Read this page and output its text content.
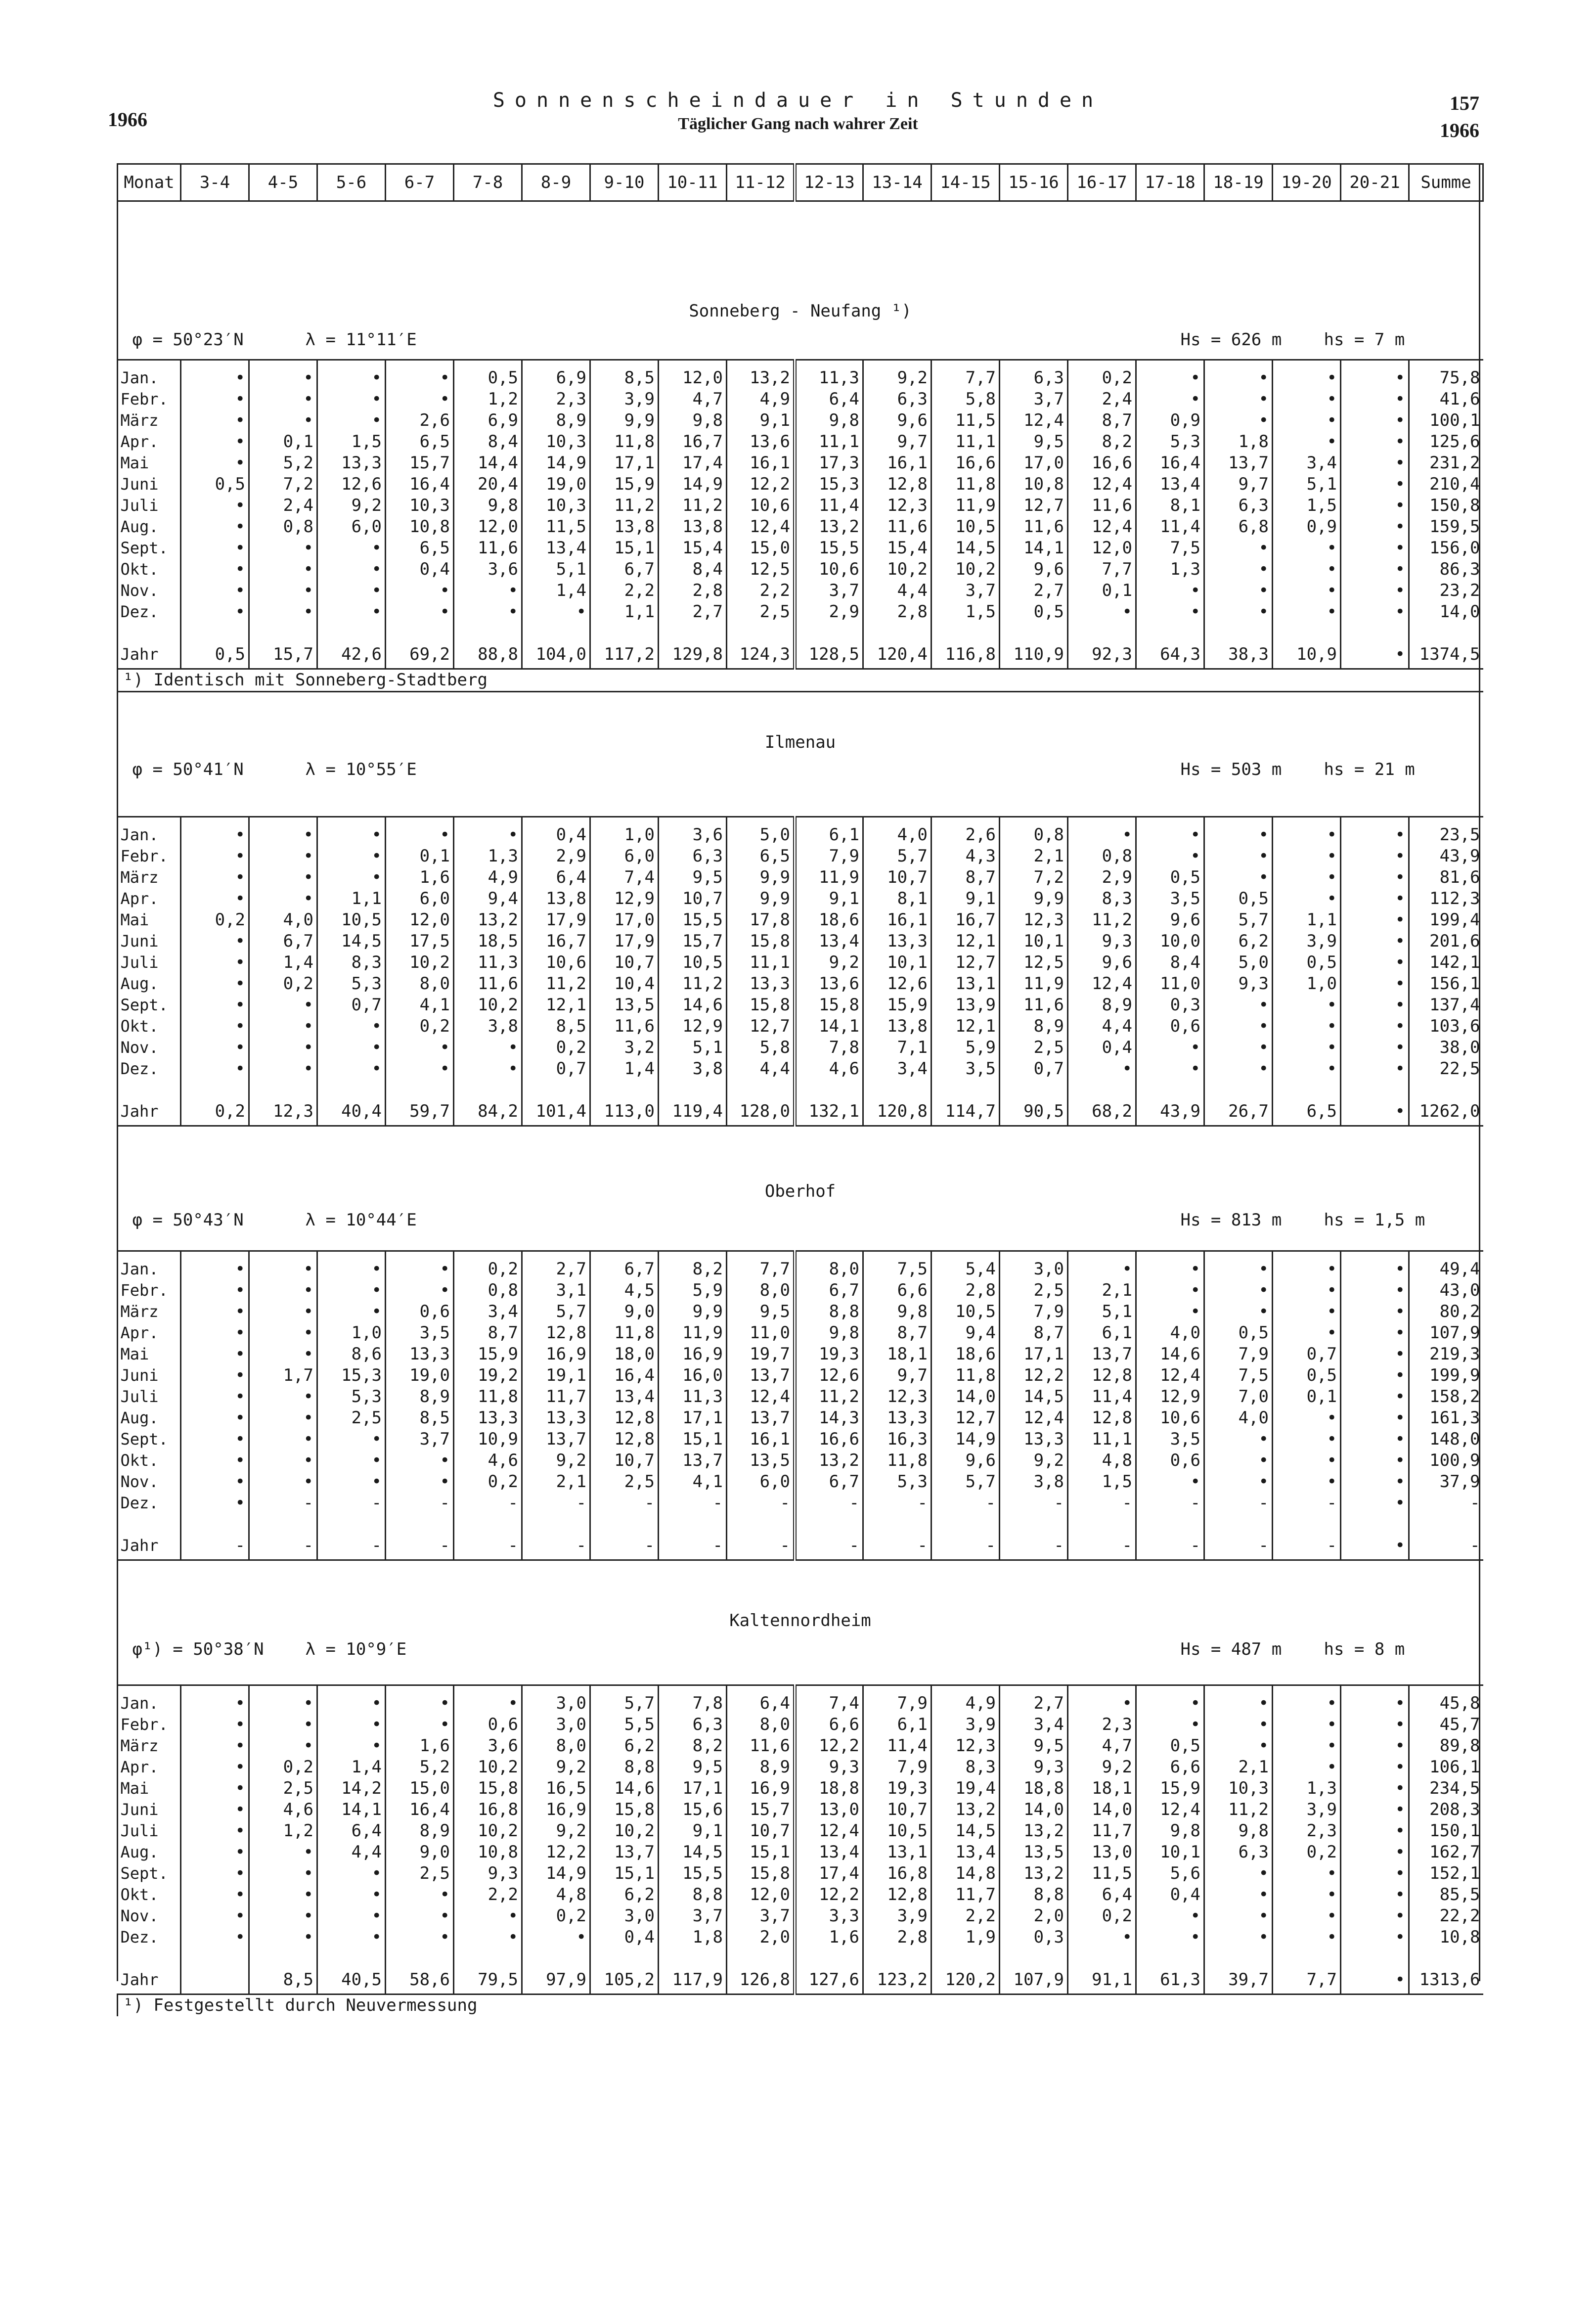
1966
Sonnenscheindauer in Stunden
Täglicher Gang nach wahrer Zeit
157
1966
Monat	3-4	4-5	5-6	6-7	7-8	8-9	9-10	10-11	11-12	12-13	13-14	14-15	15-16	16-17	17-18	18-19	19-20	20-21	Summe

Sonneberg - Neufang ¹)
φ = 50°23′N λ = 11°11′E Hs = 626 m hs = 7 m																			

Jan.	•	•	•	•	0,5	6,9	8,5	12,0	13,2	11,3	9,2	7,7	6,3	0,2	•	•	•	•	75,8
Febr.	•	•	•	•	1,2	2,3	3,9	4,7	4,9	6,4	6,3	5,8	3,7	2,4	•	•	•	•	41,6
März	•	•	•	2,6	6,9	8,9	9,9	9,8	9,1	9,8	9,6	11,5	12,4	8,7	0,9	•	•	•	100,1
Apr.	•	0,1	1,5	6,5	8,4	10,3	11,8	16,7	13,6	11,1	9,7	11,1	9,5	8,2	5,3	1,8	•	•	125,6
Mai	•	5,2	13,3	15,7	14,4	14,9	17,1	17,4	16,1	17,3	16,1	16,6	17,0	16,6	16,4	13,7	3,4	•	231,2
Juni	0,5	7,2	12,6	16,4	20,4	19,0	15,9	14,9	12,2	15,3	12,8	11,8	10,8	12,4	13,4	9,7	5,1	•	210,4
Juli	•	2,4	9,2	10,3	9,8	10,3	11,2	11,2	10,6	11,4	12,3	11,9	12,7	11,6	8,1	6,3	1,5	•	150,8
Aug.	•	0,8	6,0	10,8	12,0	11,5	13,8	13,8	12,4	13,2	11,6	10,5	11,6	12,4	11,4	6,8	0,9	•	159,5
Sept.	•	•	•	6,5	11,6	13,4	15,1	15,4	15,0	15,5	15,4	14,5	14,1	12,0	7,5	•	•	•	156,0
Okt.	•	•	•	0,4	3,6	5,1	6,7	8,4	12,5	10,6	10,2	10,2	9,6	7,7	1,3	•	•	•	86,3
Nov.	•	•	•	•	•	1,4	2,2	2,8	2,2	3,7	4,4	3,7	2,7	0,1	•	•	•	•	23,2
Dez.	•	•	•	•	•	•	1,1	2,7	2,5	2,9	2,8	1,5	0,5	•	•	•	•	•	14,0

Jahr	0,5	15,7	42,6	69,2	88,8	104,0	117,2	129,8	124,3	128,5	120,4	116,8	110,9	92,3	64,3	38,3	10,9	•	1374,5
¹) Identisch mit Sonneberg-Stadtberg																			

Ilmenau
φ = 50°41′N λ = 10°55′E Hs = 503 m hs = 21 m																			

Jan.	•	•	•	•	•	0,4	1,0	3,6	5,0	6,1	4,0	2,6	0,8	•	•	•	•	•	23,5
Febr.	•	•	•	0,1	1,3	2,9	6,0	6,3	6,5	7,9	5,7	4,3	2,1	0,8	•	•	•	•	43,9
März	•	•	•	1,6	4,9	6,4	7,4	9,5	9,9	11,9	10,7	8,7	7,2	2,9	0,5	•	•	•	81,6
Apr.	•	•	1,1	6,0	9,4	13,8	12,9	10,7	9,9	9,1	8,1	9,1	9,9	8,3	3,5	0,5	•	•	112,3
Mai	0,2	4,0	10,5	12,0	13,2	17,9	17,0	15,5	17,8	18,6	16,1	16,7	12,3	11,2	9,6	5,7	1,1	•	199,4
Juni	•	6,7	14,5	17,5	18,5	16,7	17,9	15,7	15,8	13,4	13,3	12,1	10,1	9,3	10,0	6,2	3,9	•	201,6
Juli	•	1,4	8,3	10,2	11,3	10,6	10,7	10,5	11,1	9,2	10,1	12,7	12,5	9,6	8,4	5,0	0,5	•	142,1
Aug.	•	0,2	5,3	8,0	11,6	11,2	10,4	11,2	13,3	13,6	12,6	13,1	11,9	12,4	11,0	9,3	1,0	•	156,1
Sept.	•	•	0,7	4,1	10,2	12,1	13,5	14,6	15,8	15,8	15,9	13,9	11,6	8,9	0,3	•	•	•	137,4
Okt.	•	•	•	0,2	3,8	8,5	11,6	12,9	12,7	14,1	13,8	12,1	8,9	4,4	0,6	•	•	•	103,6
Nov.	•	•	•	•	•	0,2	3,2	5,1	5,8	7,8	7,1	5,9	2,5	0,4	•	•	•	•	38,0
Dez.	•	•	•	•	•	0,7	1,4	3,8	4,4	4,6	3,4	3,5	0,7	•	•	•	•	•	22,5

Jahr	0,2	12,3	40,4	59,7	84,2	101,4	113,0	119,4	128,0	132,1	120,8	114,7	90,5	68,2	43,9	26,7	6,5	•	1262,0

Oberhof
φ = 50°43′N λ = 10°44′E Hs = 813 m hs = 1,5 m																			

Jan.	•	•	•	•	0,2	2,7	6,7	8,2	7,7	8,0	7,5	5,4	3,0	•	•	•	•	•	49,4
Febr.	•	•	•	•	0,8	3,1	4,5	5,9	8,0	6,7	6,6	2,8	2,5	2,1	•	•	•	•	43,0
März	•	•	•	0,6	3,4	5,7	9,0	9,9	9,5	8,8	9,8	10,5	7,9	5,1	•	•	•	•	80,2
Apr.	•	•	1,0	3,5	8,7	12,8	11,8	11,9	11,0	9,8	8,7	9,4	8,7	6,1	4,0	0,5	•	•	107,9
Mai	•	•	8,6	13,3	15,9	16,9	18,0	16,9	19,7	19,3	18,1	18,6	17,1	13,7	14,6	7,9	0,7	•	219,3
Juni	•	1,7	15,3	19,0	19,2	19,1	16,4	16,0	13,7	12,6	9,7	11,8	12,2	12,8	12,4	7,5	0,5	•	199,9
Juli	•	•	5,3	8,9	11,8	11,7	13,4	11,3	12,4	11,2	12,3	14,0	14,5	11,4	12,9	7,0	0,1	•	158,2
Aug.	•	•	2,5	8,5	13,3	13,3	12,8	17,1	13,7	14,3	13,3	12,7	12,4	12,8	10,6	4,0	•	•	161,3
Sept.	•	•	•	3,7	10,9	13,7	12,8	15,1	16,1	16,6	16,3	14,9	13,3	11,1	3,5	•	•	•	148,0
Okt.	•	•	•	•	4,6	9,2	10,7	13,7	13,5	13,2	11,8	9,6	9,2	4,8	0,6	•	•	•	100,9
Nov.	•	•	•	•	0,2	2,1	2,5	4,1	6,0	6,7	5,3	5,7	3,8	1,5	•	•	•	•	37,9
Dez.	•	-	-	-	-	-	-	-	-	-	-	-	-	-	-	-	-	•	-

Jahr	-	-	-	-	-	-	-	-	-	-	-	-	-	-	-	-	-	•	-

Kaltennordheim
φ¹) = 50°38′N λ = 10°9′E Hs = 487 m hs = 8 m																			

Jan.	•	•	•	•	•	3,0	5,7	7,8	6,4	7,4	7,9	4,9	2,7	•	•	•	•	•	45,8
Febr.	•	•	•	•	0,6	3,0	5,5	6,3	8,0	6,6	6,1	3,9	3,4	2,3	•	•	•	•	45,7
März	•	•	•	1,6	3,6	8,0	6,2	8,2	11,6	12,2	11,4	12,3	9,5	4,7	0,5	•	•	•	89,8
Apr.	•	0,2	1,4	5,2	10,2	9,2	8,8	9,5	8,9	9,3	7,9	8,3	9,3	9,2	6,6	2,1	•	•	106,1
Mai	•	2,5	14,2	15,0	15,8	16,5	14,6	17,1	16,9	18,8	19,3	19,4	18,8	18,1	15,9	10,3	1,3	•	234,5
Juni	•	4,6	14,1	16,4	16,8	16,9	15,8	15,6	15,7	13,0	10,7	13,2	14,0	14,0	12,4	11,2	3,9	•	208,3
Juli	•	1,2	6,4	8,9	10,2	9,2	10,2	9,1	10,7	12,4	10,5	14,5	13,2	11,7	9,8	9,8	2,3	•	150,1
Aug.	•	•	4,4	9,0	10,8	12,2	13,7	14,5	15,1	13,4	13,1	13,4	13,5	13,0	10,1	6,3	0,2	•	162,7
Sept.	•	•	•	2,5	9,3	14,9	15,1	15,5	15,8	17,4	16,8	14,8	13,2	11,5	5,6	•	•	•	152,1
Okt.	•	•	•	•	2,2	4,8	6,2	8,8	12,0	12,2	12,8	11,7	8,8	6,4	0,4	•	•	•	85,5
Nov.	•	•	•	•	•	0,2	3,0	3,7	3,7	3,3	3,9	2,2	2,0	0,2	•	•	•	•	22,2
Dez.	•	•	•	•	•	•	0,4	1,8	2,0	1,6	2,8	1,9	0,3	•	•	•	•	•	10,8

Jahr		8,5	40,5	58,6	79,5	97,9	105,2	117,9	126,8	127,6	123,2	120,2	107,9	91,1	61,3	39,7	7,7	•	1313,6
¹) Festgestellt durch Neuvermessung																			
